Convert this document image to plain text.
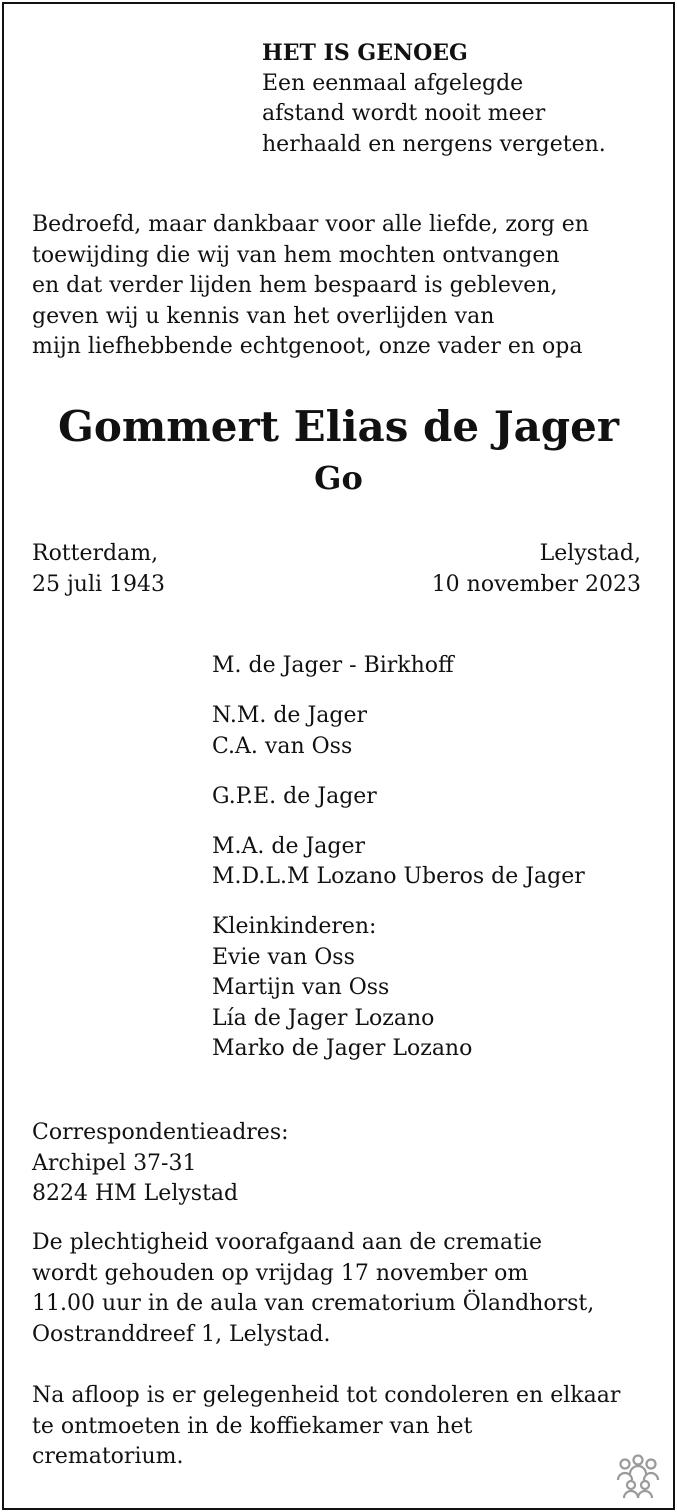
HET IS GENOEG
Een eenmaal afgelegde
afstand wordt nooit meer
herhaald en nergens vergeten.
Bedroefd, maar dankbaar voor alle liefde, zorg en
toewijding die wij van hem mochten ontvangen
en dat verder lijden hem bespaard is gebleven,
geven wij u kennis van het overlijden van
mijn liefhebbende echtgenoot, onze vader en opa
Gommert Elias de Jager
Go
Rotterdam,
25 juli 1943
Lelystad,
10 november 2023
M. de Jager - Birkhoff
N.M. de Jager
C.A. van Oss
G.P.E. de Jager
M.A. de Jager
M.D.L.M Lozano Uberos de Jager
Kleinkinderen:
Evie van Oss
Martijn van Oss
Lía de Jager Lozano
Marko de Jager Lozano
Correspondentieadres:
Archipel 37-31
8224 HM Lelystad
De plechtigheid voorafgaand aan de crematie
wordt gehouden op vrijdag 17 november om
11.00 uur in de aula van crematorium Ölandhorst,
Oostranddreef 1, Lelystad.
Na afloop is er gelegenheid tot condoleren en elkaar
te ontmoeten in de koffiekamer van het
crematorium.
